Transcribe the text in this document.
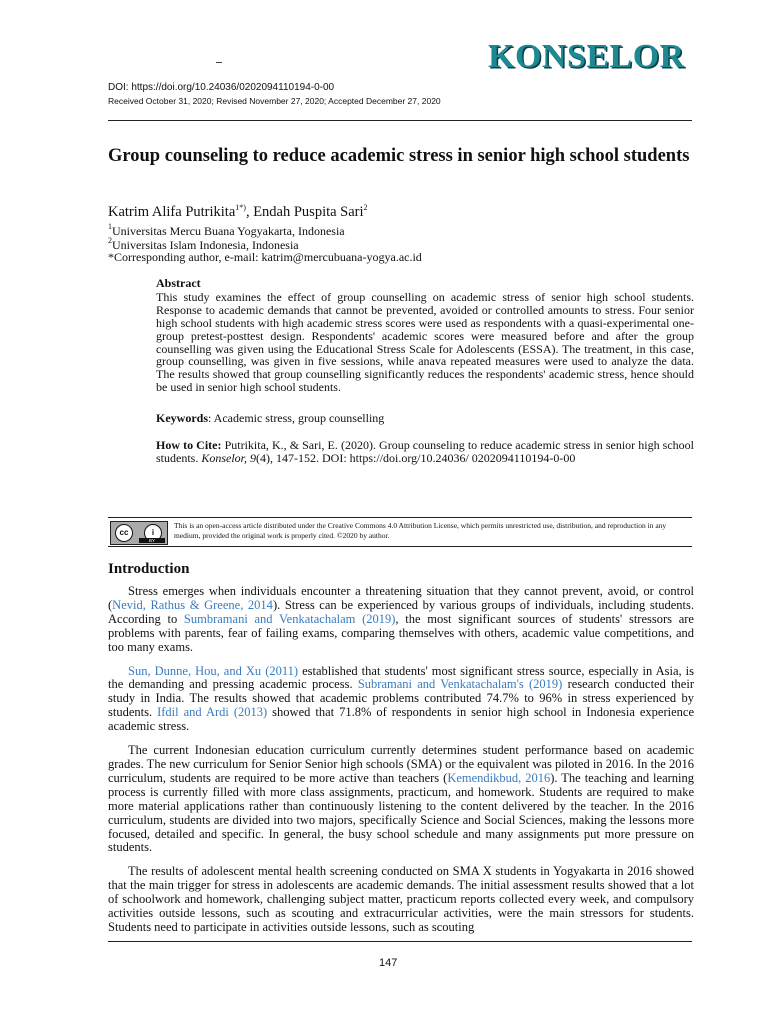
KONSELOR
DOI: https://doi.org/10.24036/0202094110194-0-00
Received October 31, 2020; Revised November 27, 2020; Accepted December 27, 2020
Group counseling to reduce academic stress in senior high school students
Katrim Alifa Putrikita$^{1*)}$, Endah Puspita Sari$^2$
$^1$Universitas Mercu Buana Yogyakarta, Indonesia
$^2$Universitas Islam Indonesia, Indonesia
*Corresponding author, e-mail: katrim@mercubuana-yogya.ac.id
Abstract
This study examines the effect of group counselling on academic stress of senior high school students. Response to academic demands that cannot be prevented, avoided or controlled amounts to stress. Four senior high school students with high academic stress scores were used as respondents with a quasi-experimental one-group pretest-posttest design. Respondents' academic scores were measured before and after the group counselling was given using the Educational Stress Scale for Adolescents (ESSA). The treatment, in this case, group counselling, was given in five sessions, while anava repeated measures were used to analyze the data. The results showed that group counselling significantly reduces the respondents' academic stress, hence should be used in senior high school students.
Keywords: Academic stress, group counselling
How to Cite: Putrikita, K., & Sari, E. (2020). Group counseling to reduce academic stress in senior high school students. Konselor, 9(4), 147-152. DOI: https://doi.org/10.24036/ 0202094110194-0-00
cc	i
BY
This is an open-access article distributed under the Creative Commons 4.0 Attribution License, which permits unrestricted use, distribution, and reproduction in any medium, provided the original work is properly cited. ©2020 by author.
Introduction

Stress emerges when individuals encounter a threatening situation that they cannot prevent, avoid, or control (Nevid, Rathus & Greene, 2014). Stress can be experienced by various groups of individuals, including students. According to Sumbramani and Venkatachalam (2019), the most significant sources of students' stressors are problems with parents, fear of failing exams, comparing themselves with others, academic value competitions, and too many exams.

Sun, Dunne, Hou, and Xu (2011) established that students' most significant stress source, especially in Asia, is the demanding and pressing academic process. Subramani and Venkatachalam's (2019) research conducted their study in India. The results showed that academic problems contributed 74.7% to 96% in stress experienced by students. Ifdil and Ardi (2013) showed that 71.8% of respondents in senior high school in Indonesia experience academic stress.

The current Indonesian education curriculum currently determines student performance based on academic grades. The new curriculum for Senior Senior high schools (SMA) or the equivalent was piloted in 2016. In the 2016 curriculum, students are required to be more active than teachers (Kemendikbud, 2016). The teaching and learning process is currently filled with more class assignments, practicum, and homework. Students are required to make more material applications rather than continuously listening to the content delivered by the teacher. In the 2016 curriculum, students are divided into two majors, specifically Science and Social Sciences, making the lessons more focused, detailed and specific. In general, the busy school schedule and many assignments put more pressure on students.

The results of adolescent mental health screening conducted on SMA X students in Yogyakarta in 2016 showed that the main trigger for stress in adolescents are academic demands. The initial assessment results showed that a lot of schoolwork and homework, challenging subject matter, practicum reports collected every week, and compulsory activities outside lessons, such as scouting and extracurricular activities, were the main stressors for students. Students need to participate in activities outside lessons, such as scouting

147
